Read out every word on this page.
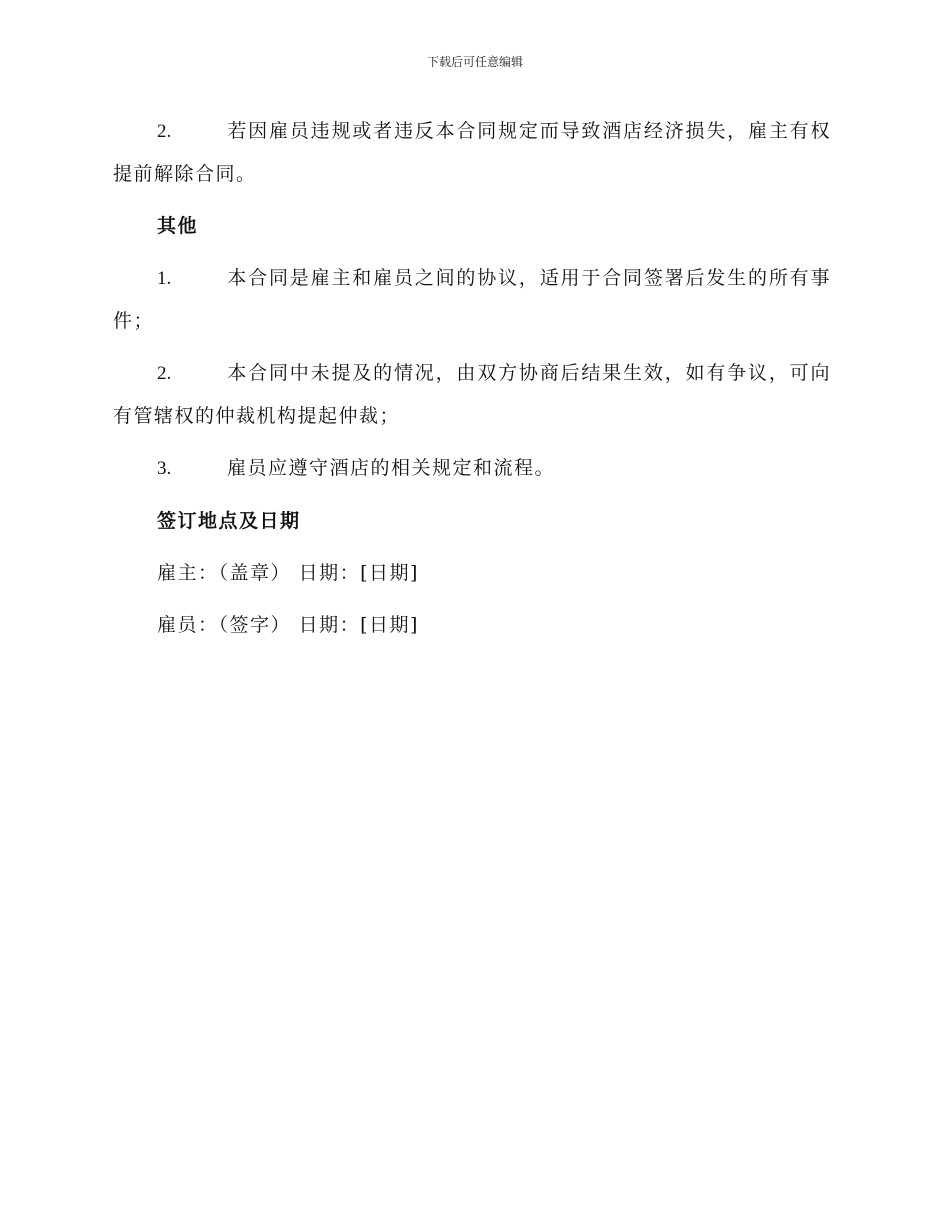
下载后可任意编辑

2.	若因雇员违规或者违反本合同规定而导致酒店经济损失，雇主有权提前解除合同。

其他

1.	本合同是雇主和雇员之间的协议，适用于合同签署后发生的所有事件；

2.	本合同中未提及的情况，由双方协商后结果生效，如有争议，可向有管辖权的仲裁机构提起仲裁；

3.	雇员应遵守酒店的相关规定和流程。

签订地点及日期
雇主：（盖章） 日期：[日期]
雇员：（签字） 日期：[日期]
